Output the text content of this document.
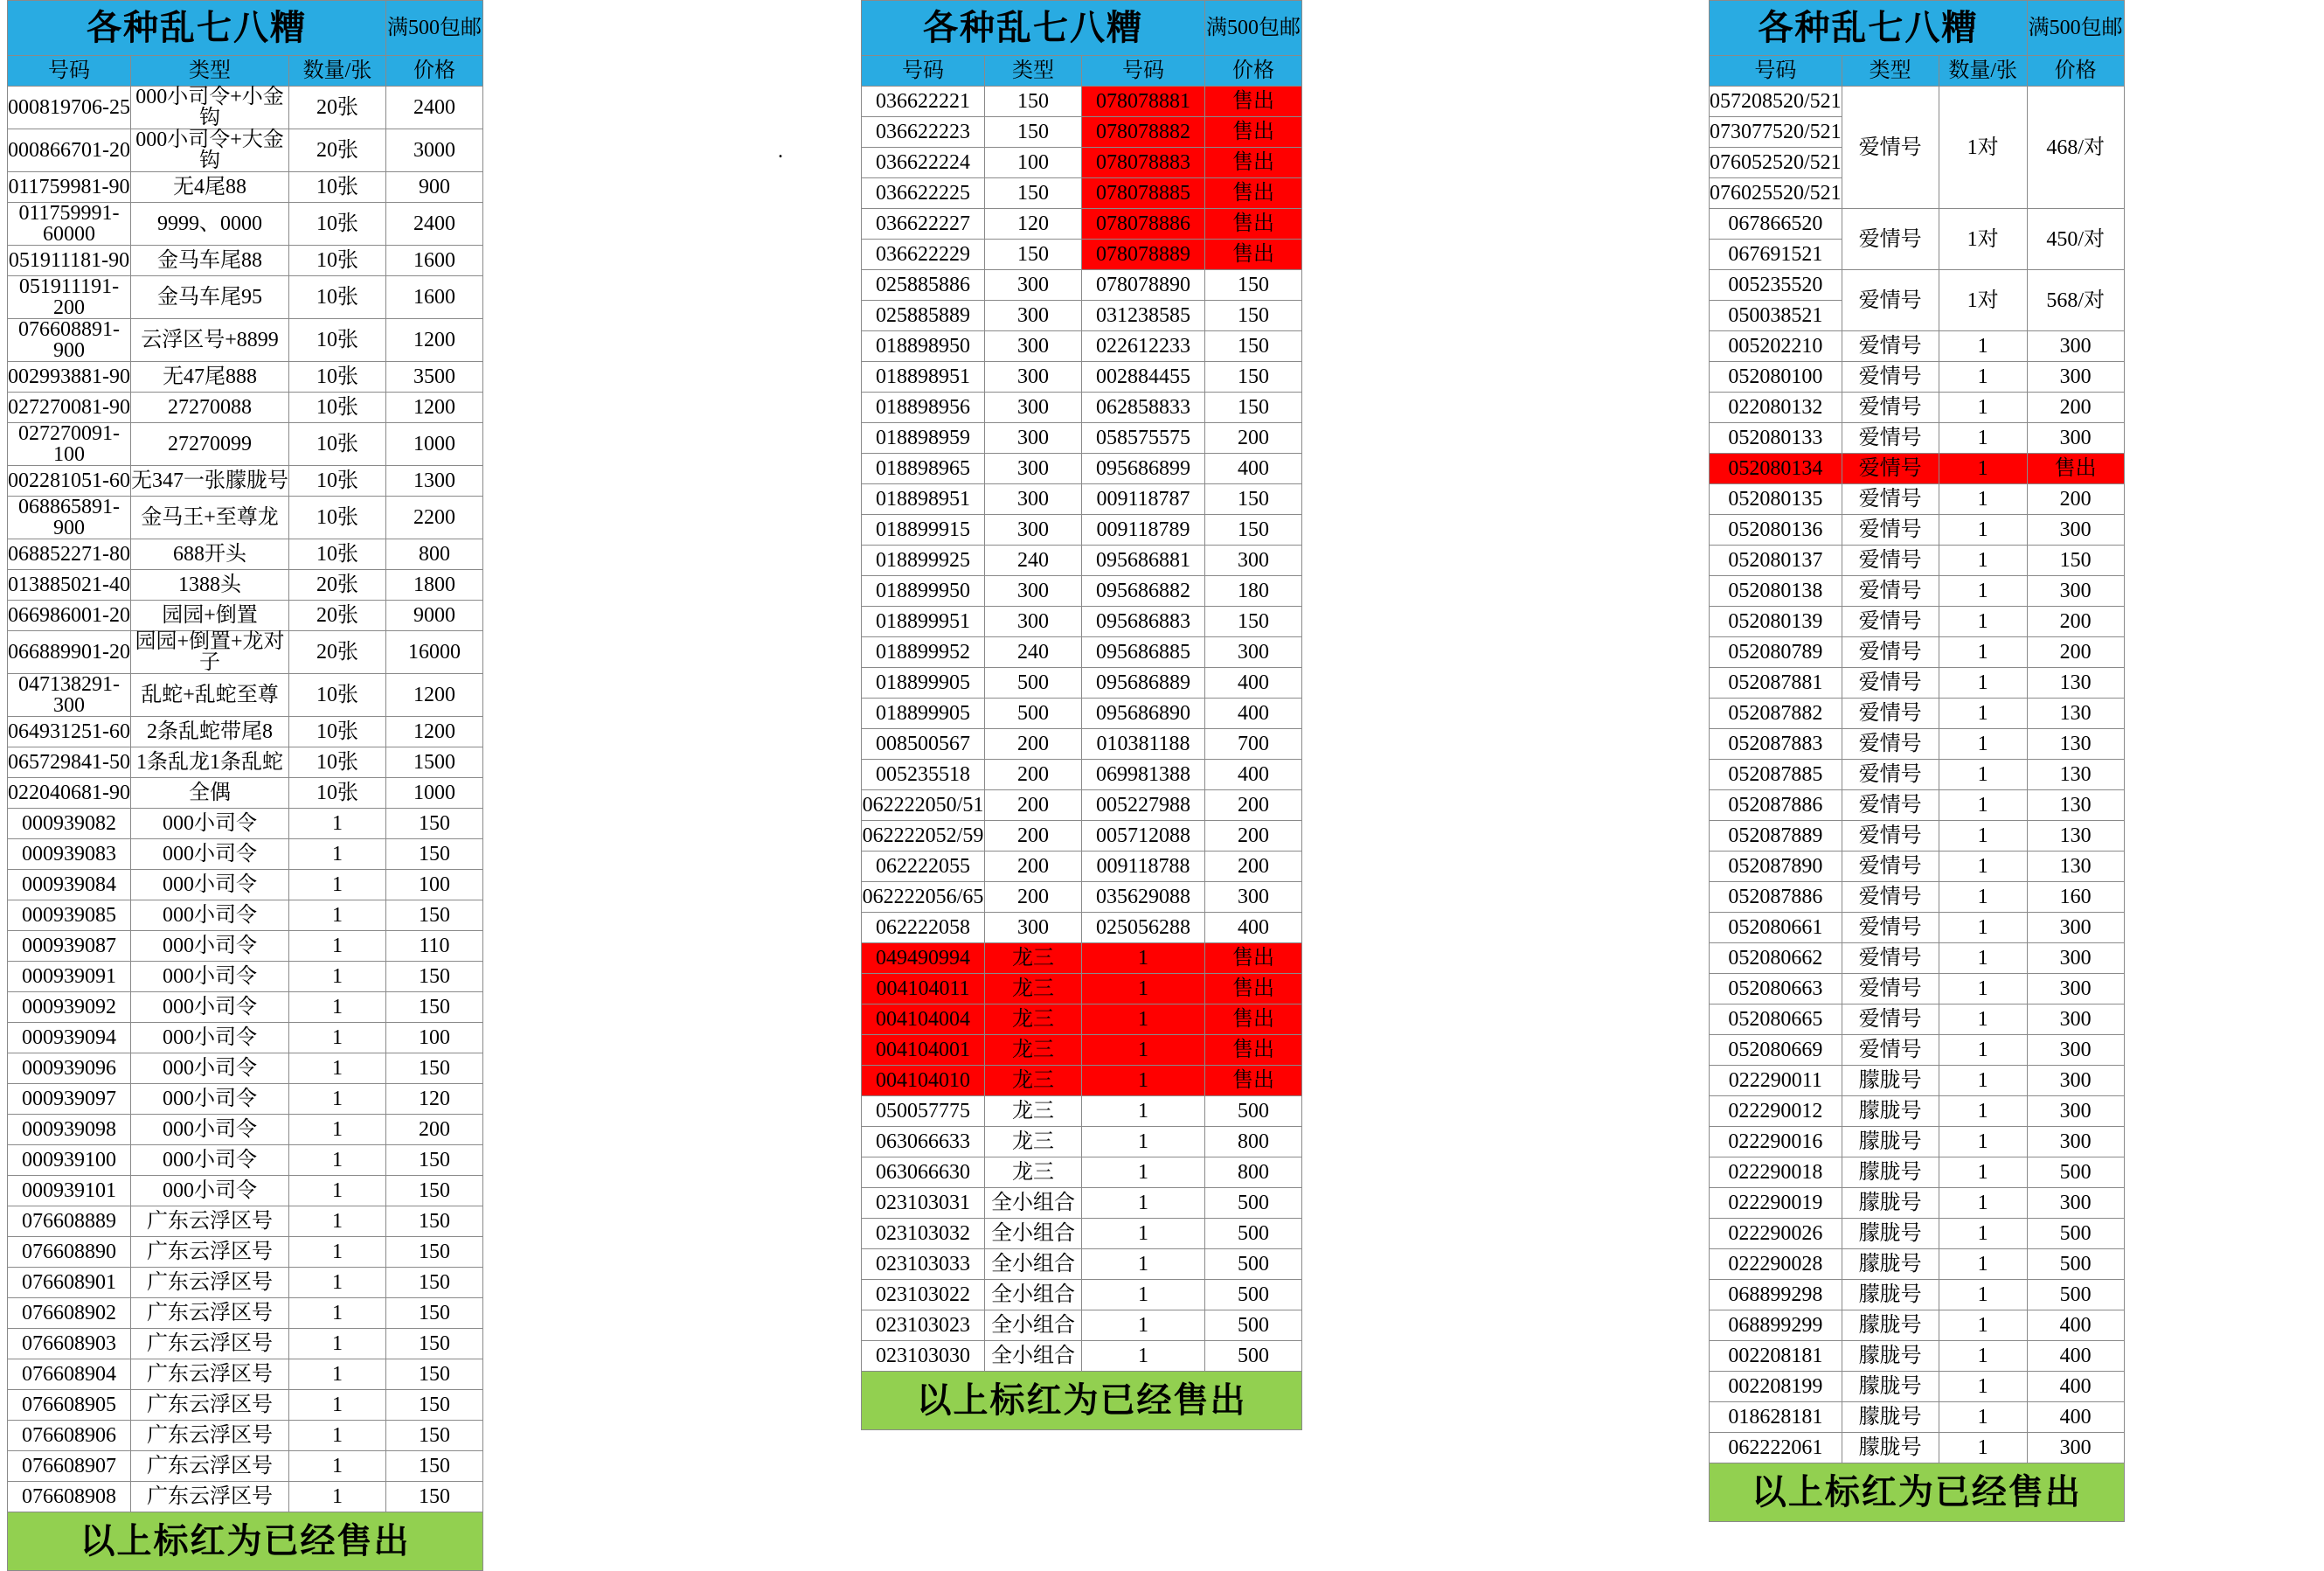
各种乱七八糟			满500包邮
号码	类型	数量/张	价格
000819706-25	000小司令+小金钩	20张	2400
000866701-20	000小司令+大金钩	20张	3000
011759981-90	无4尾88	10张	900
011759991-60000	9999、0000	10张	2400
051911181-90	金马车尾88	10张	1600
051911191-200	金马车尾95	10张	1600
076608891-900	云浮区号+8899	10张	1200
002993881-90	无47尾888	10张	3500
027270081-90	27270088	10张	1200
027270091-100	27270099	10张	1000
002281051-60	无347一张朦胧号	10张	1300
068865891-900	金马王+至尊龙	10张	2200
068852271-80	688开头	10张	800
013885021-40	1388头	20张	1800
066986001-20	园园+倒置	20张	9000
066889901-20	园园+倒置+龙对子	20张	16000
047138291-300	乱蛇+乱蛇至尊	10张	1200
064931251-60	2条乱蛇带尾8	10张	1200
065729841-50	1条乱龙1条乱蛇	10张	1500
022040681-90	全偶	10张	1000
000939082	000小司令	1	150
000939083	000小司令	1	150
000939084	000小司令	1	100
000939085	000小司令	1	150
000939087	000小司令	1	110
000939091	000小司令	1	150
000939092	000小司令	1	150
000939094	000小司令	1	100
000939096	000小司令	1	150
000939097	000小司令	1	120
000939098	000小司令	1	200
000939100	000小司令	1	150
000939101	000小司令	1	150
076608889	广东云浮区号	1	150
076608890	广东云浮区号	1	150
076608901	广东云浮区号	1	150
076608902	广东云浮区号	1	150
076608903	广东云浮区号	1	150
076608904	广东云浮区号	1	150
076608905	广东云浮区号	1	150
076608906	广东云浮区号	1	150
076608907	广东云浮区号	1	150
076608908	广东云浮区号	1	150
以上标红为已经售出			
各种乱七八糟			满500包邮
号码	类型	号码	价格
036622221	150	078078881	售出
036622223	150	078078882	售出
036622224	100	078078883	售出
036622225	150	078078885	售出
036622227	120	078078886	售出
036622229	150	078078889	售出
025885886	300	078078890	150
025885889	300	031238585	150
018898950	300	022612233	150
018898951	300	002884455	150
018898956	300	062858833	150
018898959	300	058575575	200
018898965	300	095686899	400
018898951	300	009118787	150
018899915	300	009118789	150
018899925	240	095686881	300
018899950	300	095686882	180
018899951	300	095686883	150
018899952	240	095686885	300
018899905	500	095686889	400
018899905	500	095686890	400
008500567	200	010381188	700
005235518	200	069981388	400
062222050/51	200	005227988	200
062222052/59	200	005712088	200
062222055	200	009118788	200
062222056/65	200	035629088	300
062222058	300	025056288	400
049490994	龙三	1	售出
004104011	龙三	1	售出
004104004	龙三	1	售出
004104001	龙三	1	售出
004104010	龙三	1	售出
050057775	龙三	1	500
063066633	龙三	1	800
063066630	龙三	1	800
023103031	全小组合	1	500
023103032	全小组合	1	500
023103033	全小组合	1	500
023103022	全小组合	1	500
023103023	全小组合	1	500
023103030	全小组合	1	500
以上标红为已经售出			
各种乱七八糟			满500包邮
号码	类型	数量/张	价格
057208520/521	爱情号	1对	468/对
073077520/521			
076052520/521			
076025520/521			
067866520	爱情号	1对	450/对
067691521			
005235520	爱情号	1对	568/对
050038521			
005202210	爱情号	1	300
052080100	爱情号	1	300
022080132	爱情号	1	200
052080133	爱情号	1	300
052080134	爱情号	1	售出
052080135	爱情号	1	200
052080136	爱情号	1	300
052080137	爱情号	1	150
052080138	爱情号	1	300
052080139	爱情号	1	200
052080789	爱情号	1	200
052087881	爱情号	1	130
052087882	爱情号	1	130
052087883	爱情号	1	130
052087885	爱情号	1	130
052087886	爱情号	1	130
052087889	爱情号	1	130
052087890	爱情号	1	130
052087886	爱情号	1	160
052080661	爱情号	1	300
052080662	爱情号	1	300
052080663	爱情号	1	300
052080665	爱情号	1	300
052080669	爱情号	1	300
022290011	朦胧号	1	300
022290012	朦胧号	1	300
022290016	朦胧号	1	300
022290018	朦胧号	1	500
022290019	朦胧号	1	300
022290026	朦胧号	1	500
022290028	朦胧号	1	500
068899298	朦胧号	1	500
068899299	朦胧号	1	400
002208181	朦胧号	1	400
002208199	朦胧号	1	400
018628181	朦胧号	1	400
062222061	朦胧号	1	300
以上标红为已经售出			
.
